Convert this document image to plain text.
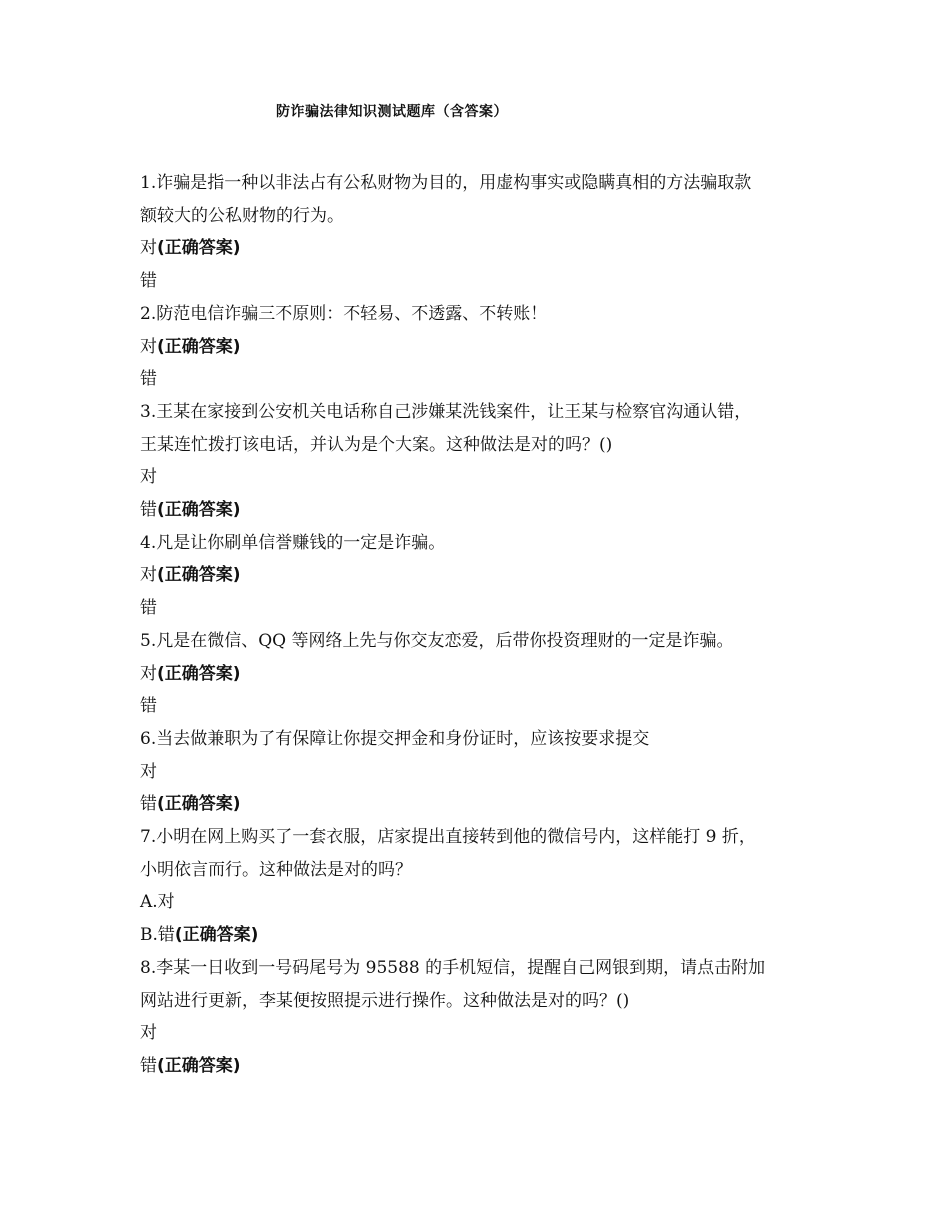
防诈骗法律知识测试题库（含答案）
1.诈骗是指一种以非法占有公私财物为目的，用虚构事实或隐瞒真相的方法骗取款
额较大的公私财物的行为。
对(正确答案)
错
2.防范电信诈骗三不原则：不轻易、不透露、不转账！
对(正确答案)
错
3.王某在家接到公安机关电话称自己涉嫌某洗钱案件，让王某与检察官沟通认错，
王某连忙拨打该电话，并认为是个大案。这种做法是对的吗？()
对
错(正确答案)
4.凡是让你刷单信誉赚钱的一定是诈骗。
对(正确答案)
错
5.凡是在微信、QQ 等网络上先与你交友恋爱，后带你投资理财的一定是诈骗。
对(正确答案)
错
6.当去做兼职为了有保障让你提交押金和身份证时，应该按要求提交
对
错(正确答案)
7.小明在网上购买了一套衣服，店家提出直接转到他的微信号内，这样能打 9 折，
小明依言而行。这种做法是对的吗？
A.对
B.错(正确答案)
8.李某一日收到一号码尾号为 95588 的手机短信，提醒自己网银到期，请点击附加
网站进行更新，李某便按照提示进行操作。这种做法是对的吗？()
对
错(正确答案)
